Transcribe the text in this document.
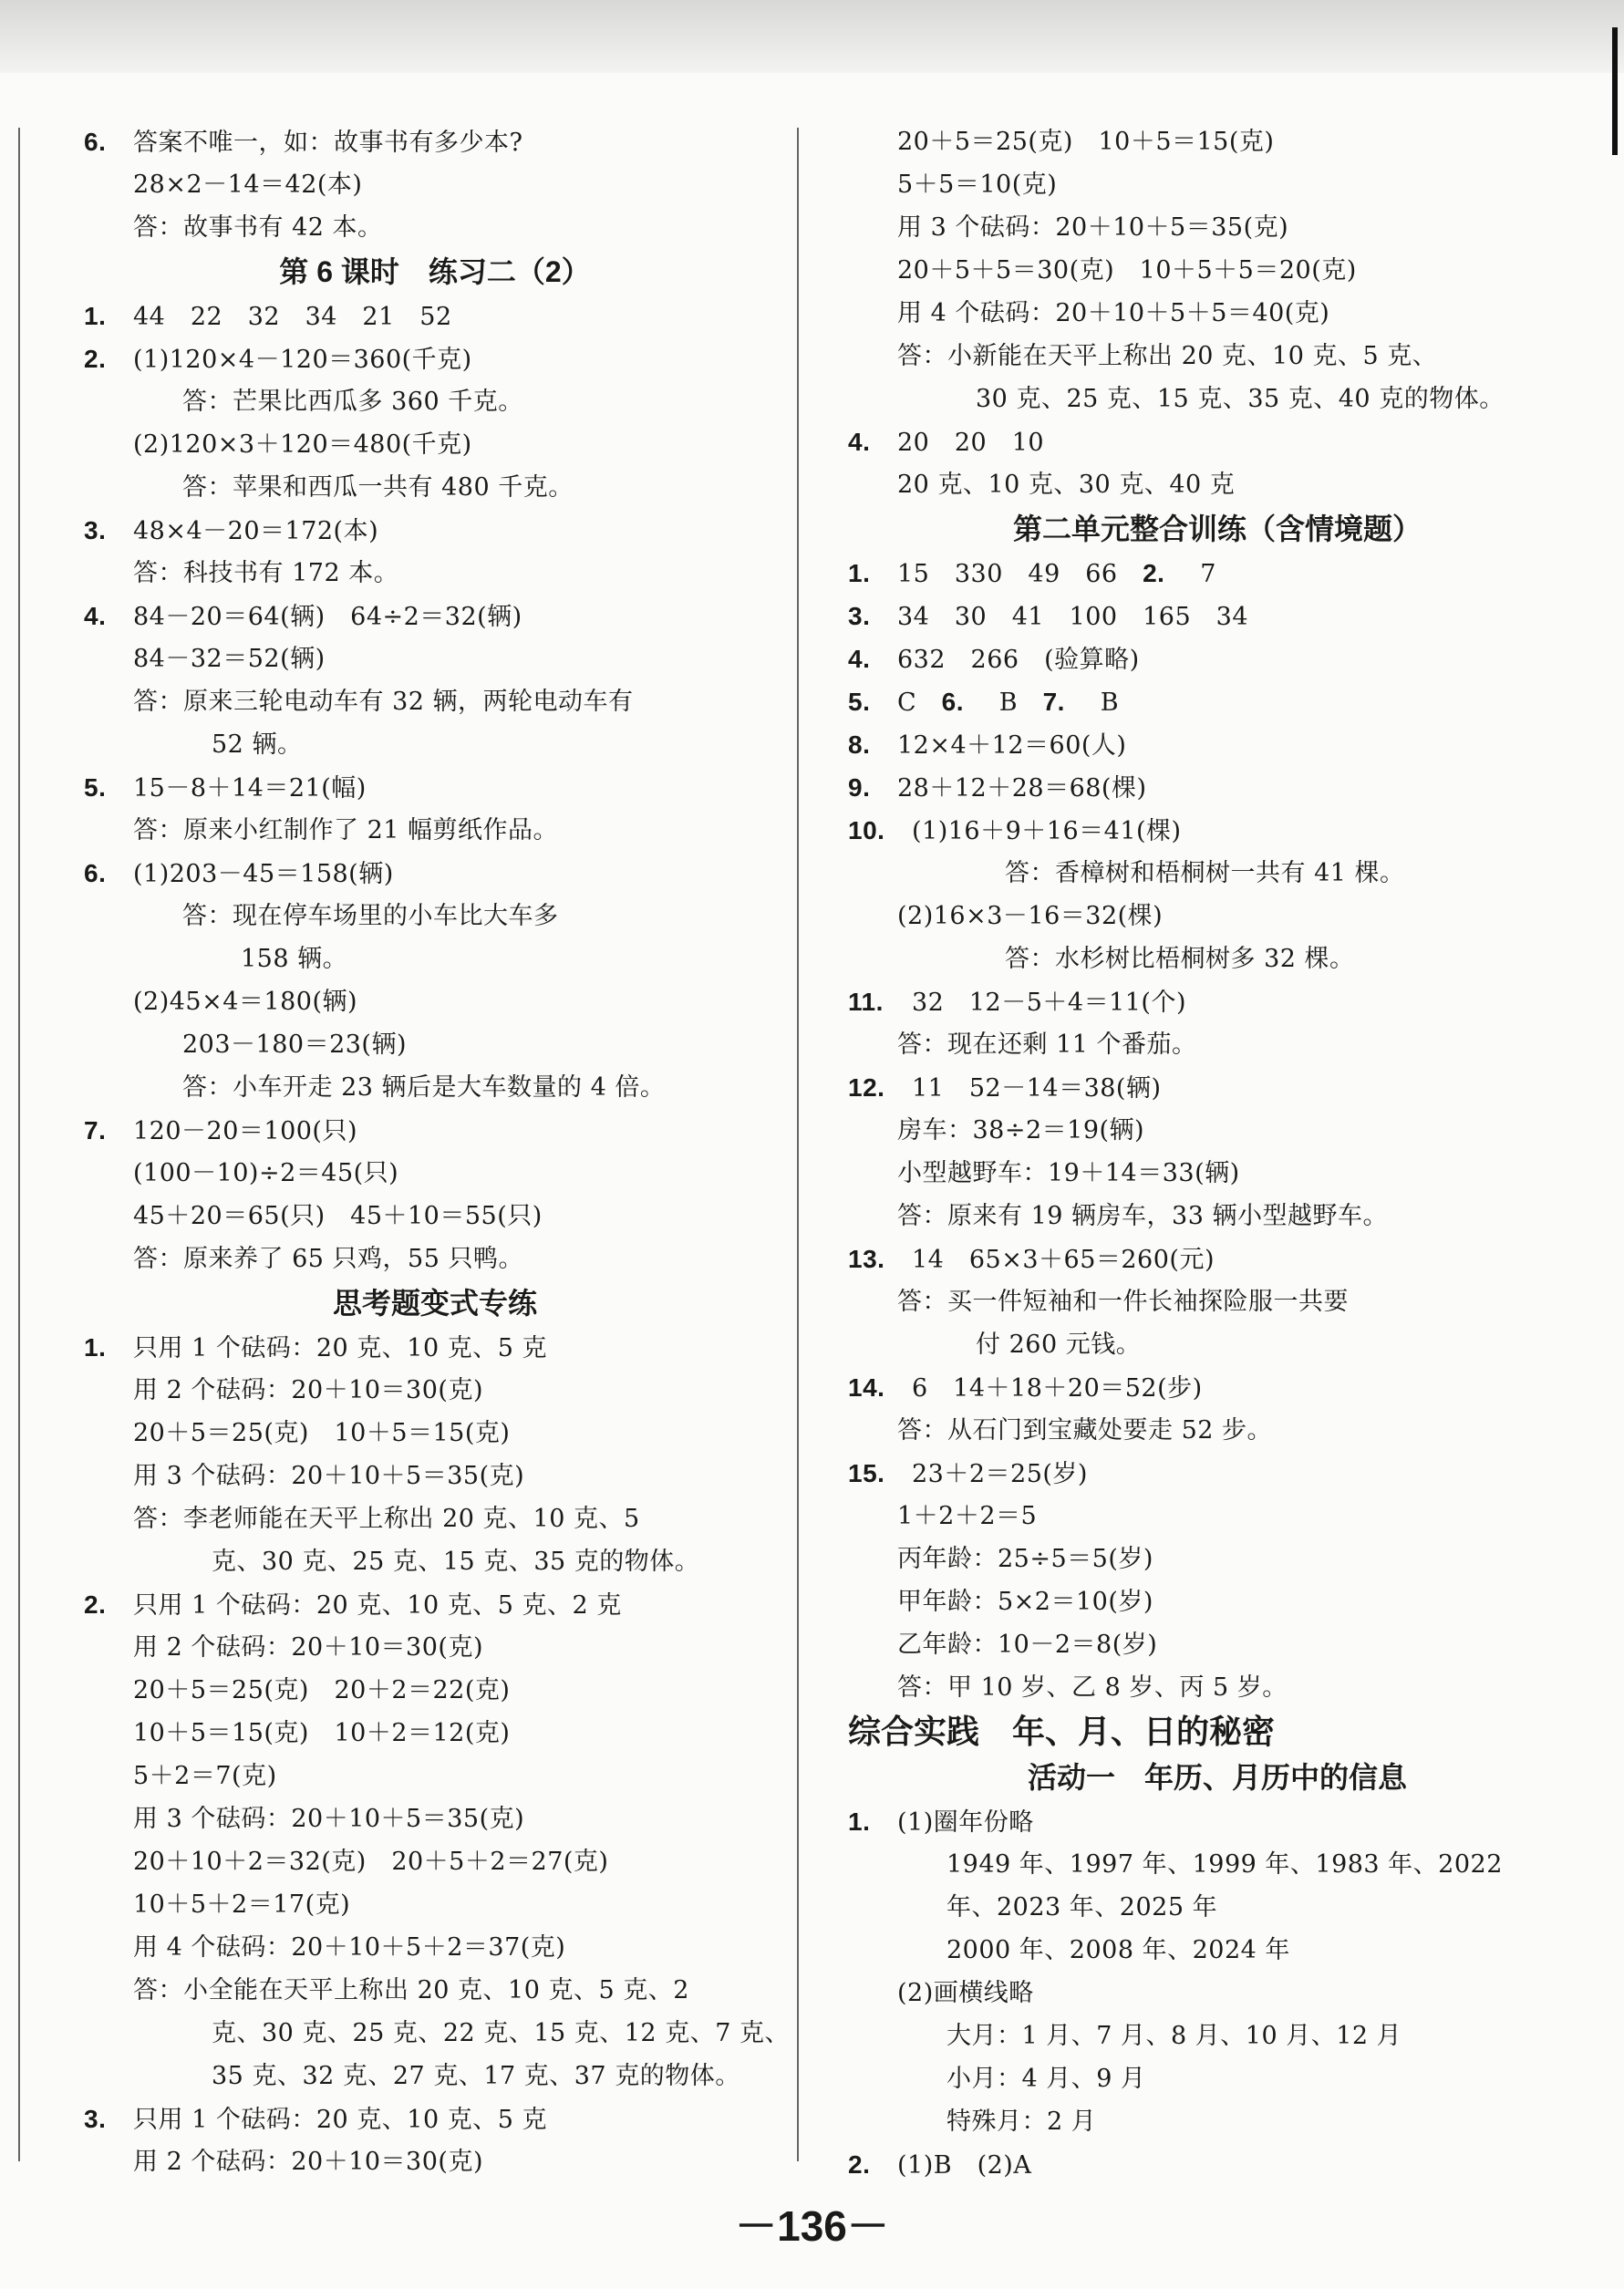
6. 答案不唯一，如：故事书有多少本?
28×2－14＝42(本)
答：故事书有 42 本。
第 6 课时　练习二（2）
1. 44　22　32　34　21　52
2. (1)120×4－120＝360(千克)
答：芒果比西瓜多 360 千克。
(2)120×3＋120＝480(千克)
答：苹果和西瓜一共有 480 千克。
3. 48×4－20＝172(本)
答：科技书有 172 本。
4. 84－20＝64(辆)　64÷2＝32(辆)
84－32＝52(辆)
答：原来三轮电动车有 32 辆，两轮电动车有
52 辆。
5. 15－8＋14＝21(幅)
答：原来小红制作了 21 幅剪纸作品。
6. (1)203－45＝158(辆)
答：现在停车场里的小车比大车多
158 辆。
(2)45×4＝180(辆)
203－180＝23(辆)
答：小车开走 23 辆后是大车数量的 4 倍。
7. 120－20＝100(只)
(100－10)÷2＝45(只)
45＋20＝65(只)　45＋10＝55(只)
答：原来养了 65 只鸡，55 只鸭。
思考题变式专练
1. 只用 1 个砝码：20 克、10 克、5 克
用 2 个砝码：20＋10＝30(克)
20＋5＝25(克)　10＋5＝15(克)
用 3 个砝码：20＋10＋5＝35(克)
答：李老师能在天平上称出 20 克、10 克、5
克、30 克、25 克、15 克、35 克的物体。
2. 只用 1 个砝码：20 克、10 克、5 克、2 克
用 2 个砝码：20＋10＝30(克)
20＋5＝25(克)　20＋2＝22(克)
10＋5＝15(克)　10＋2＝12(克)
5＋2＝7(克)
用 3 个砝码：20＋10＋5＝35(克)
20＋10＋2＝32(克)　20＋5＋2＝27(克)
10＋5＋2＝17(克)
用 4 个砝码：20＋10＋5＋2＝37(克)
答：小全能在天平上称出 20 克、10 克、5 克、2
克、30 克、25 克、22 克、15 克、12 克、7 克、
35 克、32 克、27 克、17 克、37 克的物体。
3. 只用 1 个砝码：20 克、10 克、5 克
用 2 个砝码：20＋10＝30(克)
20＋5＝25(克)　10＋5＝15(克)
5＋5＝10(克)
用 3 个砝码：20＋10＋5＝35(克)
20＋5＋5＝30(克)　10＋5＋5＝20(克)
用 4 个砝码：20＋10＋5＋5＝40(克)
答：小新能在天平上称出 20 克、10 克、5 克、
30 克、25 克、15 克、35 克、40 克的物体。
4. 20　20　10
20 克、10 克、30 克、40 克
第二单元整合训练（含情境题）
1. 15　330　49　66　2. 7
3. 34　30　41　100　165　34
4. 632　266　(验算略)
5. C　6. B　7. B
8. 12×4＋12＝60(人)
9. 28＋12＋28＝68(棵)
10. (1)16＋9＋16＝41(棵)
答：香樟树和梧桐树一共有 41 棵。
(2)16×3－16＝32(棵)
答：水杉树比梧桐树多 32 棵。
11. 32　12－5＋4＝11(个)
答：现在还剩 11 个番茄。
12. 11　52－14＝38(辆)
房车：38÷2＝19(辆)
小型越野车：19＋14＝33(辆)
答：原来有 19 辆房车，33 辆小型越野车。
13. 14　65×3＋65＝260(元)
答：买一件短袖和一件长袖探险服一共要
付 260 元钱。
14. 6　14＋18＋20＝52(步)
答：从石门到宝藏处要走 52 步。
15. 23＋2＝25(岁)
1＋2＋2＝5
丙年龄：25÷5＝5(岁)
甲年龄：5×2＝10(岁)
乙年龄：10－2＝8(岁)
答：甲 10 岁、乙 8 岁、丙 5 岁。
综合实践　年、月、日的秘密
活动一　年历、月历中的信息
1. (1)圈年份略
1949 年、1997 年、1999 年、1983 年、2022
年、2023 年、2025 年
2000 年、2008 年、2024 年
(2)画横线略
大月：1 月、7 月、8 月、10 月、12 月
小月：4 月、9 月
特殊月：2 月
2. (1)B　(2)A
－136－
